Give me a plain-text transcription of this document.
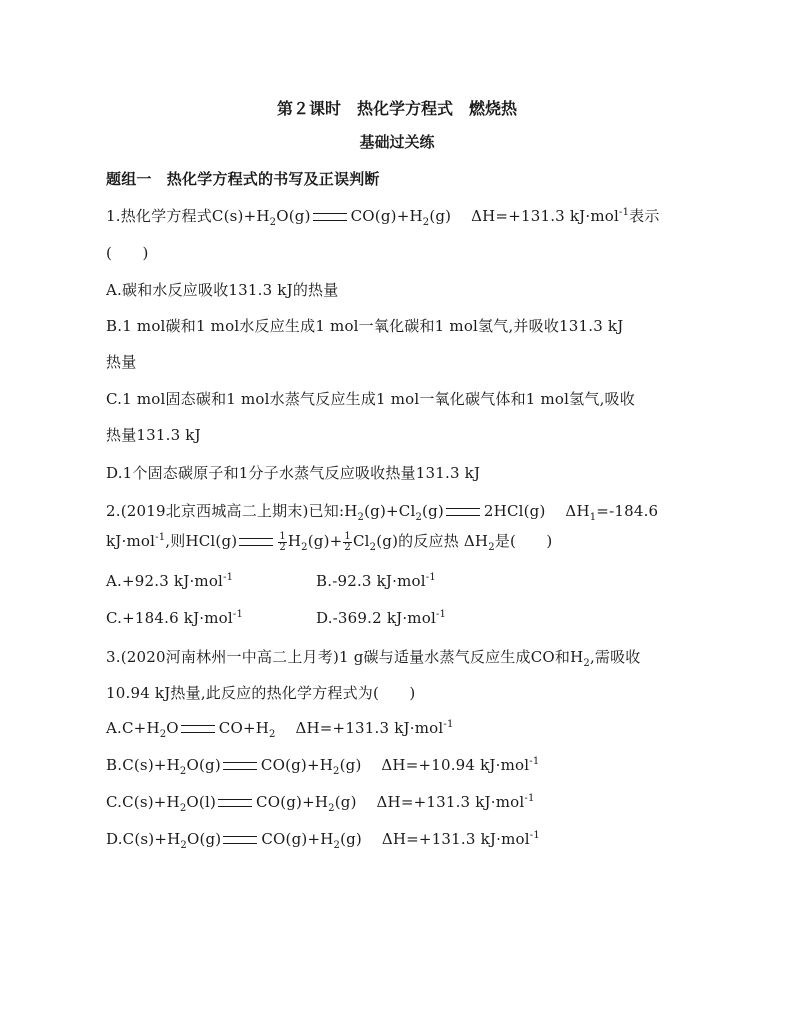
第２课时　热化学方程式　燃烧热
基础过关练
题组一　热化学方程式的书写及正误判断
1.热化学方程式$C(s)+H_2O(g)$	$CO(g)+H_2(g)$ ΔH=+131.3 kJ·mol$^{-1}$表示
(　　)
A.碳和水反应吸收131.3 kJ的热量
B.1 mol碳和1 mol水反应生成1 mol一氧化碳和1 mol氢气,并吸收131.3 kJ
热量
C.1 mol固态碳和1 mol水蒸气反应生成1 mol一氧化碳气体和1 mol氢气,吸收
热量131.3 kJ
D.1个固态碳原子和1分子水蒸气反应吸收热量131.3 kJ
2.(2019北京西城高二上期末)已知$:H_2(g)+Cl_2(g)$	2HCl(g) $\Delta H_1=-184.6$
kJ·mol$^{-1}$,则HCl(g)	$\frac{1}{2} H_2(g)+ \frac{1}{2} Cl_2(g)$的反应热 $\Delta H_2$是(　　)
A.+92.3 kJ·mol$^{-1}$	B.-92.3 kJ·mol$^{-1}$
C.+184.6 kJ·mol$^{-1}$	D.-369.2 kJ·mol$^{-1}$
3.(2020河南林州一中高二上月考)1 g碳与适量水蒸气反应生成CO和$H_2$,需吸收
10.94 kJ热量,此反应的热化学方程式为(　　)
$A.C+H_2O$	$CO+H_2$ ΔH=+131.3 kJ·mol$^{-1}$
$B.C(s)+H_2O(g)$	$CO(g)+H_2(g)$ ΔH=+10.94 kJ·mol$^{-1}$
$C.C(s)+H_2O(l)$	$CO(g)+H_2(g)$ ΔH=+131.3 kJ·mol$^{-1}$
$D.C(s)+H_2O(g)$	$CO(g)+H_2(g)$ ΔH=+131.3 kJ·mol$^{-1}$
